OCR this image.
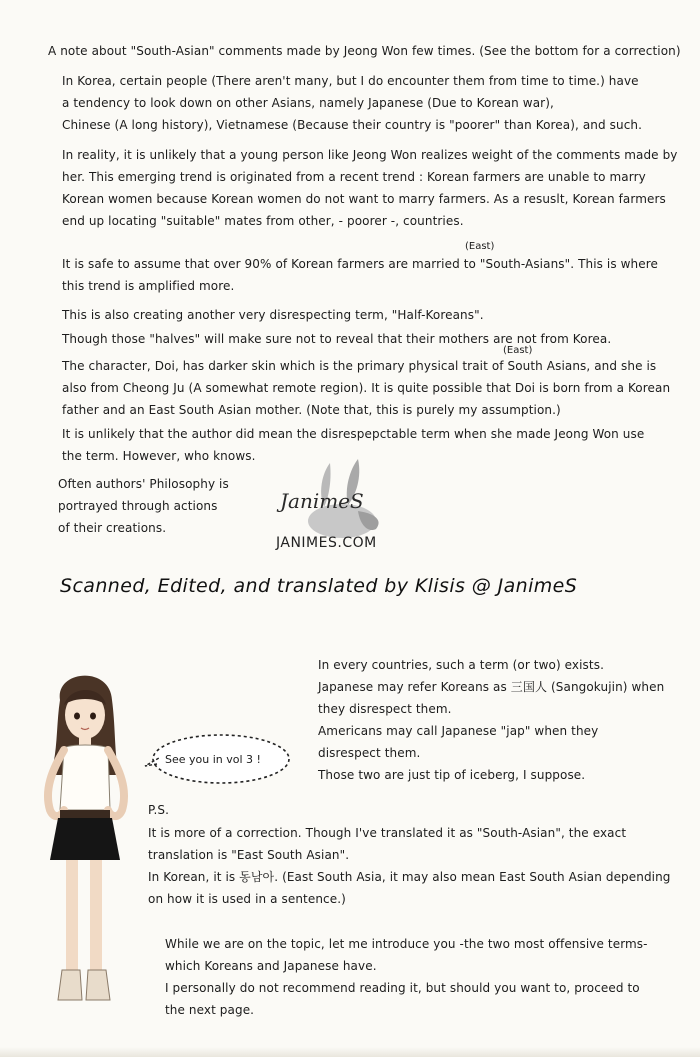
A note about "South-Asian" comments made by Jeong Won few times. (See the bottom for a correction)
In Korea, certain people (There aren't many, but I do encounter them from time to time.) have
a tendency to look down on other Asians, namely Japanese (Due to Korean war),
Chinese (A long history), Vietnamese (Because their country is "poorer" than Korea), and such.
In reality, it is unlikely that a young person like Jeong Won realizes weight of the comments made by
her. This emerging trend is originated from a recent trend : Korean farmers are unable to marry
Korean women because Korean women do not want to marry farmers. As a resuslt, Korean farmers
end up locating "suitable" mates from other, - poorer -, countries.
(East)
It is safe to assume that over 90% of Korean farmers are married to "South-Asians". This is where
this trend is amplified more.
This is also creating another very disrespecting term, "Half-Koreans".
Though those "halves" will make sure not to reveal that their mothers are not from Korea.
The character, Doi, has darker skin which is the primary physical trait of South Asians, and she is
also from Cheong Ju (A somewhat remote region). It is quite possible that Doi is born from a Korean
father and an East South Asian mother. (Note that, this is purely my assumption.)
It is unlikely that the author did mean the disrespepctable term when she made Jeong Won use
the term. However, who knows.
(East)
Often authors' Philosophy is
portrayed through actions
of their creations.
JanimeS
JANIMES.COM
Scanned, Edited, and translated by Klisis @ JanimeS
In every countries, such a term (or two) exists.
Japanese may refer Koreans as 三国人 (Sangokujin) when
they disrespect them.
Americans may call Japanese "jap" when they
disrespect them.
Those two are just tip of iceberg, I suppose.
See you in vol 3 !
P.S.
It is more of a correction. Though I've translated it as "South-Asian", the exact
translation is "East South Asian".
In Korean, it is 동남아. (East South Asia, it may also mean East South Asian depending
on how it is used in a sentence.)
While we are on the topic, let me introduce you -the two most offensive terms-
which Koreans and Japanese have.
I personally do not recommend reading it, but should you want to, proceed to
the next page.
